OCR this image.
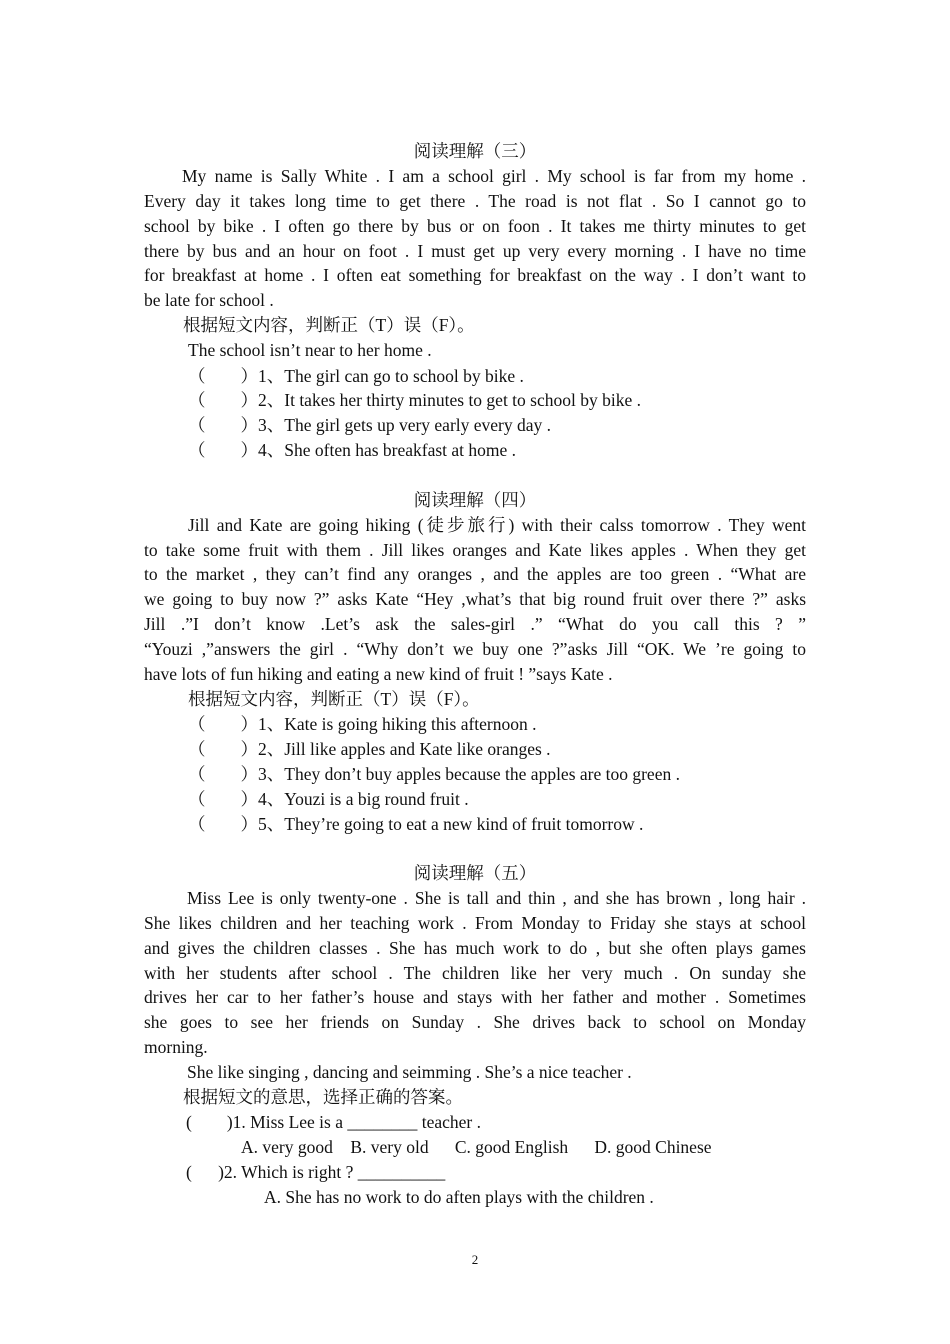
阅读理解（三）
My name is Sally White . I am a school girl . My school is far from my home .
Every day it takes long time to get there . The road is not flat . So I cannot go to
school by bike . I often go there by bus or on foon . It takes me thirty minutes to get
there by bus and an hour on foot . I must get up very every morning . I have no time
for breakfast at home . I often eat something for breakfast on the way . I don’t want to
be late for school .
根据短文内容，判断正（T）误（F）。
The school isn’t near to her home .
（　　）1、The girl can go to school by bike .
（　　）2、It takes her thirty minutes to get to school by bike .
（　　）3、The girl gets up very early every day .
（　　）4、She often has breakfast at home .
阅读理解（四）
Jill and Kate are going hiking (徒步旅行) with their calss tomorrow . They went
to take some fruit with them . Jill likes oranges and Kate likes apples . When they get
to the market , they can’t find any oranges , and the apples are too green . “What are
we going to buy now ?” asks Kate “Hey ,what’s that big round fruit over there ?” asks
Jill .”I don’t know .Let’s ask the sales-girl .” “What do you call this ? ”
“Youzi ,”answers the girl . “Why don’t we buy one ?”asks Jill “OK. We ’re going to
have lots of fun hiking and eating a new kind of fruit ! ”says Kate .
根据短文内容，判断正（T）误（F）。
（　　）1、Kate is going hiking this afternoon .
（　　）2、Jill like apples and Kate like oranges .
（　　）3、They don’t buy apples because the apples are too green .
（　　）4、Youzi is a big round fruit .
（　　）5、They’re going to eat a new kind of fruit tomorrow .
阅读理解（五）
Miss Lee is only twenty-one . She is tall and thin , and she has brown , long hair .
She likes children and her teaching work . From Monday to Friday she stays at school
and gives the children classes . She has much work to do , but she often plays games
with her students after school . The children like her very much . On sunday she
drives her car to her father’s house and stays with her father and mother . Sometimes
she goes to see her friends on Sunday . She drives back to school on Monday
morning.
She like singing , dancing and seimming . She’s a nice teacher .
根据短文的意思，选择正确的答案。
(　　)1. Miss Lee is a ________ teacher .
A. very good    B. very old      C. good English      D. good Chinese
(　  )2. Which is right ? __________
A. She has no work to do aften plays with the children .
2
